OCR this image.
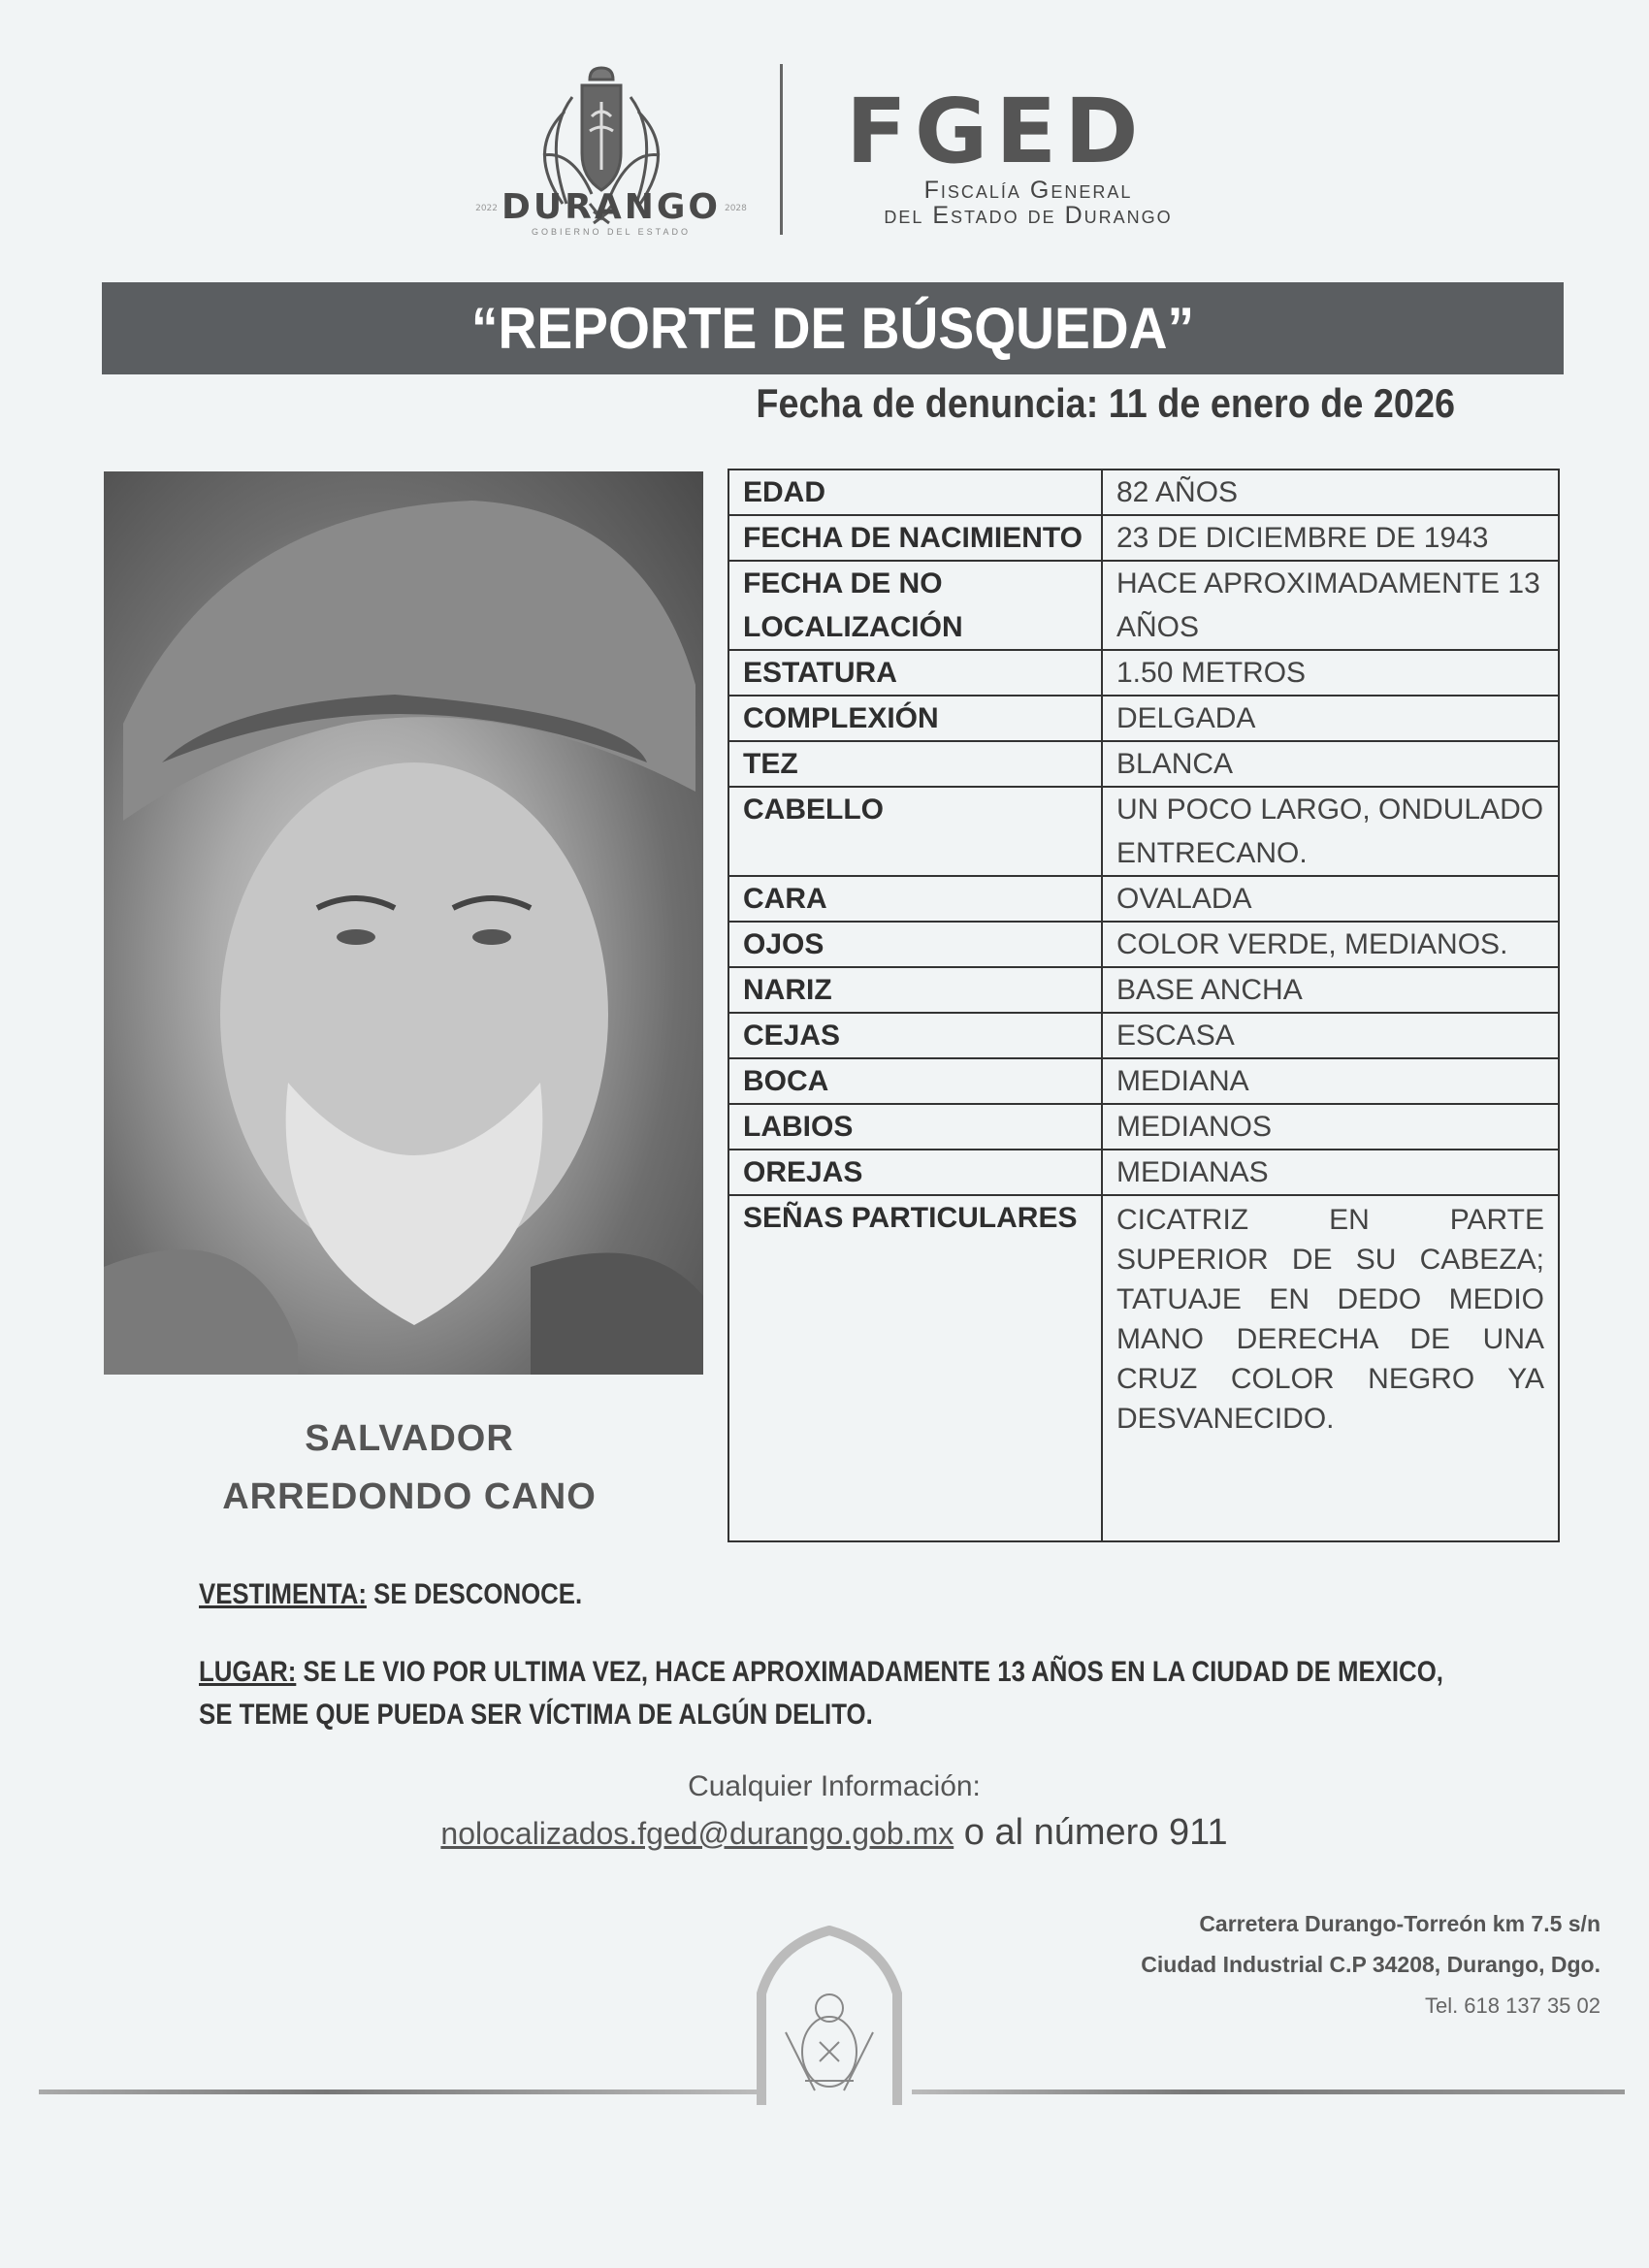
2022 DURANGO 2028
GOBIERNO DEL ESTADO
FGED
Fiscalía General
del Estado de Durango
“REPORTE DE BÚSQUEDA”
Fecha de denuncia: 11 de enero de 2026
SALVADOR
ARREDONDO CANO
EDAD	82 AÑOS
FECHA DE NACIMIENTO	23 DE DICIEMBRE DE 1943
FECHA DE NO LOCALIZACIÓN	HACE APROXIMADAMENTE 13 AÑOS
ESTATURA	1.50 METROS
COMPLEXIÓN	DELGADA
TEZ	BLANCA
CABELLO	UN POCO LARGO, ONDULADO ENTRECANO.
CARA	OVALADA
OJOS	COLOR VERDE, MEDIANOS.
NARIZ	BASE ANCHA
CEJAS	ESCASA
BOCA	MEDIANA
LABIOS	MEDIANOS
OREJAS	MEDIANAS
SEÑAS PARTICULARES	CICATRIZ EN PARTE SUPERIOR DE SU CABEZA; TATUAJE EN DEDO MEDIO MANO DERECHA DE UNA CRUZ COLOR NEGRO YA DESVANECIDO.
VESTIMENTA: SE DESCONOCE.
LUGAR: SE LE VIO POR ULTIMA VEZ, HACE APROXIMADAMENTE 13 AÑOS EN LA CIUDAD DE MEXICO,
SE TEME QUE PUEDA SER VÍCTIMA DE ALGÚN DELITO.
Cualquier Información:
nolocalizados.fged@durango.gob.mx o al número 911
Carretera Durango-Torreón km 7.5 s/n
Ciudad Industrial C.P 34208, Durango, Dgo.
Tel. 618 137 35 02
